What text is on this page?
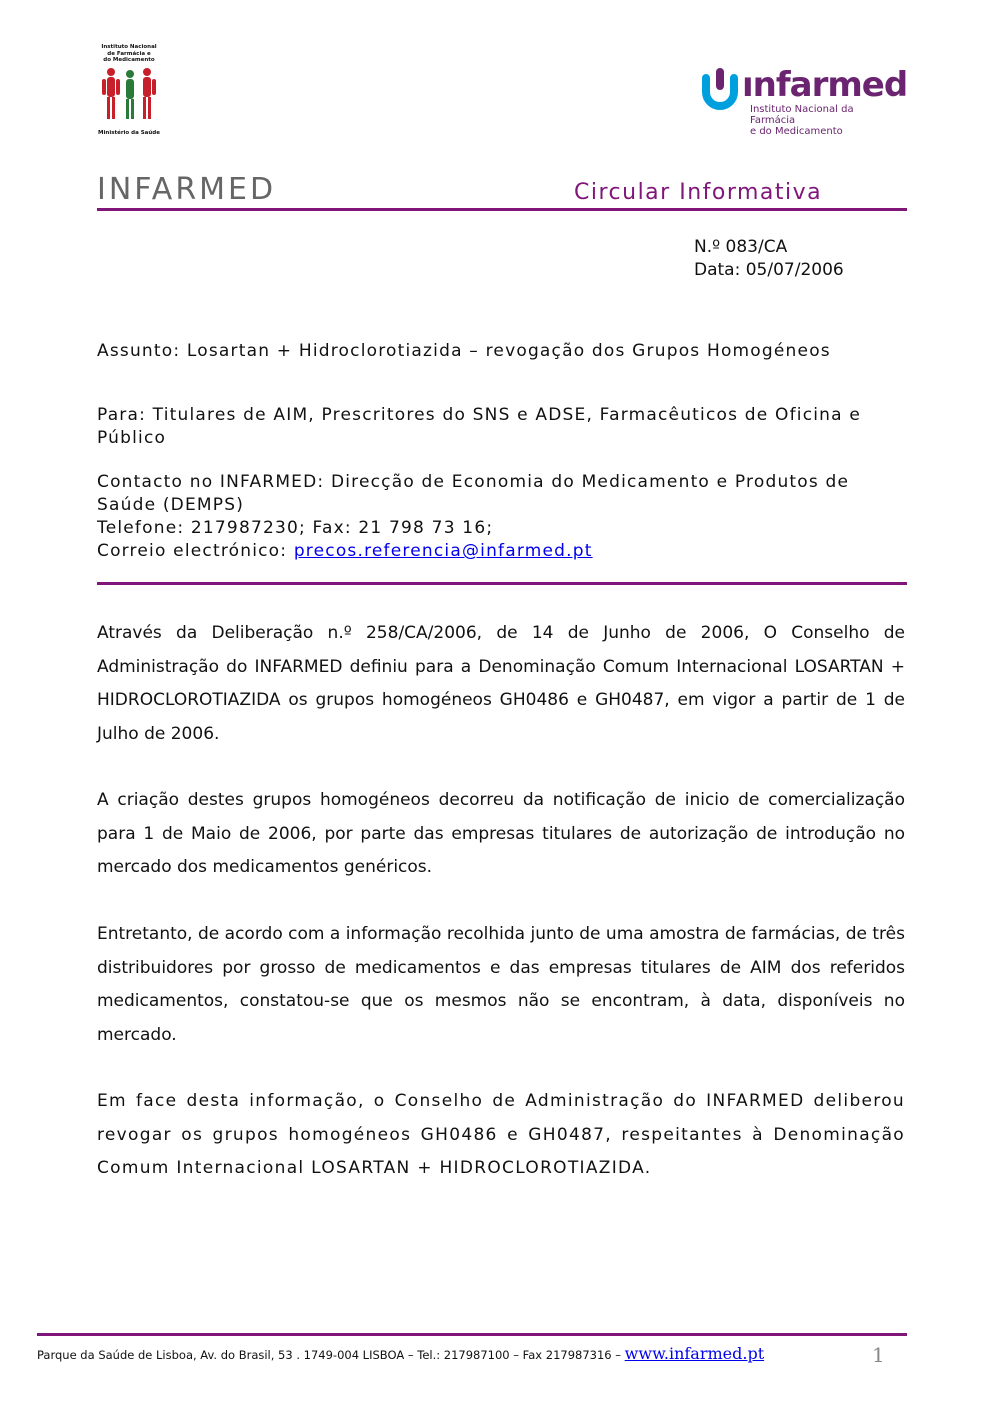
Instituto Nacional
de Farmácia e
do Medicamento
Ministério da Saúde
ınfarmed
Instituto Nacional da Farmácia
e do Medicamento
INFARMED	Circular Informativa
N.º 083/CA
Data: 05/07/2006
Assunto: Losartan + Hidroclorotiazida – revogação dos Grupos Homogéneos
Para: Titulares de AIM, Prescritores do SNS e ADSE, Farmacêuticos de Oficina e Público
Contacto no INFARMED: Direcção de Economia do Medicamento e Produtos de Saúde (DEMPS)
Telefone: 217987230; Fax: 21 798 73 16;
Correio electrónico: precos.referencia@infarmed.pt
Através da Deliberação n.º 258/CA/2006, de 14 de Junho de 2006, O Conselho de Administração do INFARMED definiu para a Denominação Comum Internacional LOSARTAN + HIDROCLOROTIAZIDA os grupos homogéneos GH0486 e GH0487, em vigor a partir de 1 de Julho de 2006.
A criação destes grupos homogéneos decorreu da notificação de inicio de comercialização para 1 de Maio de 2006, por parte das empresas titulares de autorização de introdução no mercado dos medicamentos genéricos.
Entretanto, de acordo com a informação recolhida junto de uma amostra de farmácias, de três distribuidores por grosso de medicamentos e das empresas titulares de AIM dos referidos medicamentos, constatou-se que os mesmos não se encontram, à data, disponíveis no mercado.
Em face desta informação, o Conselho de Administração do INFARMED deliberou revogar os grupos homogéneos GH0486 e GH0487, respeitantes à Denominação Comum Internacional LOSARTAN + HIDROCLOROTIAZIDA.
Parque da Saúde de Lisboa, Av. do Brasil, 53 . 1749-004 LISBOA – Tel.: 217987100 – Fax 217987316 – www.infarmed.pt	1
